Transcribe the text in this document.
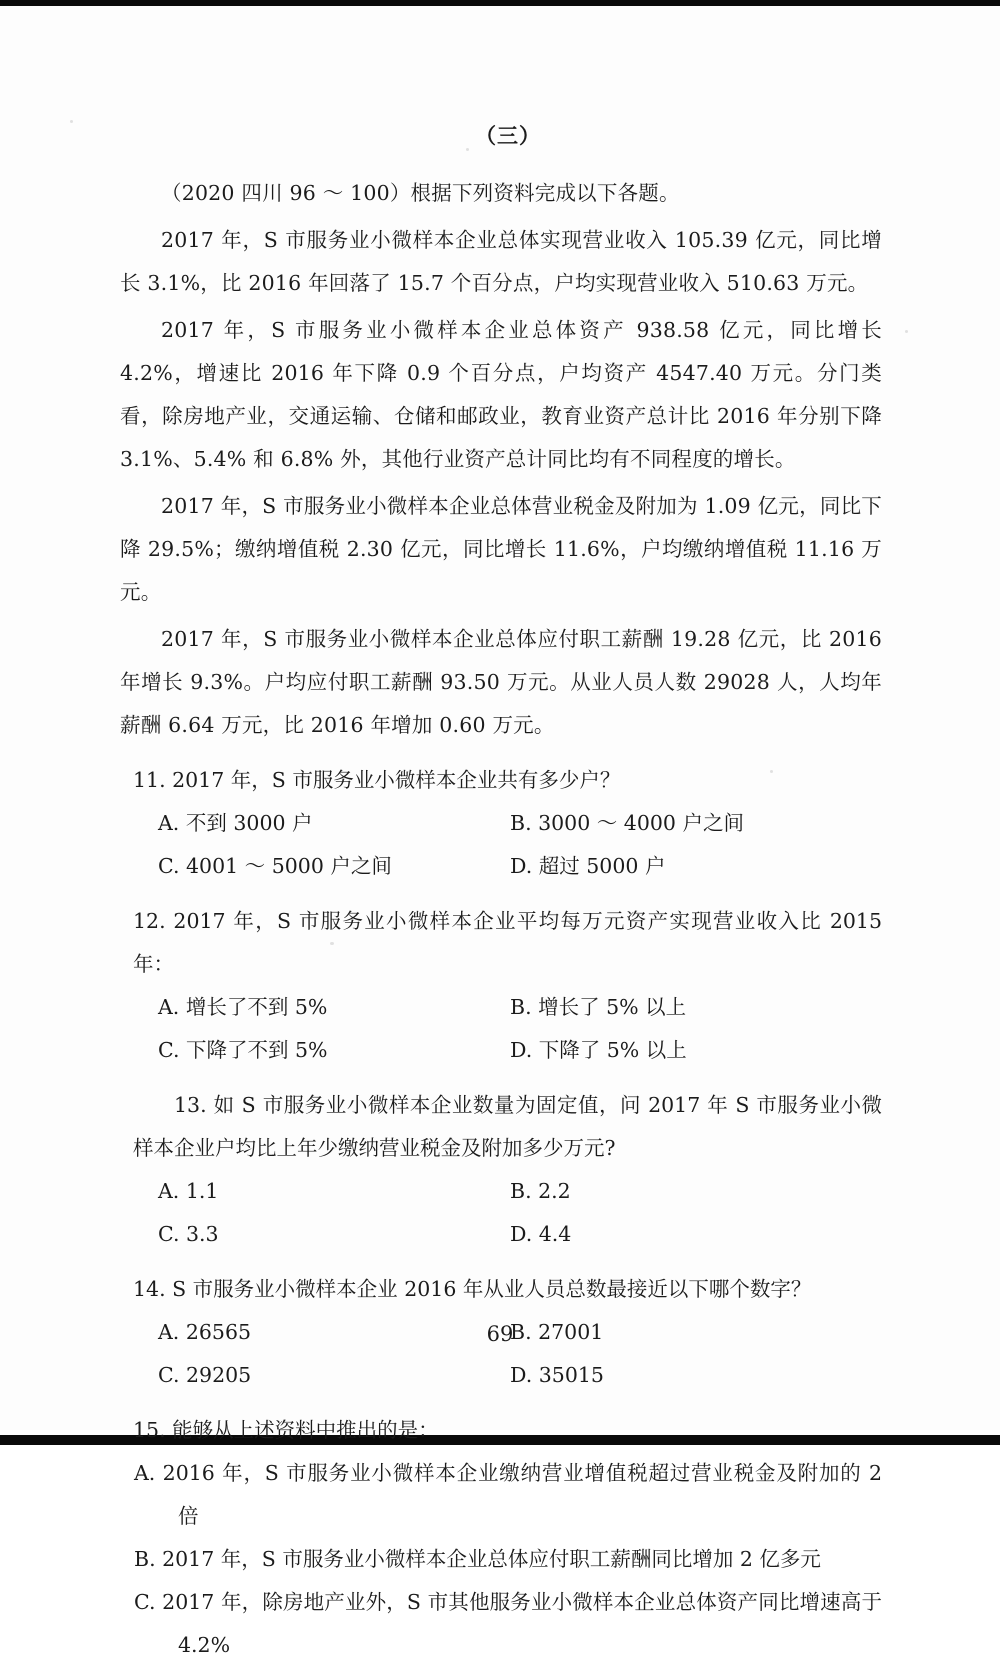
（三）

（2020 四川 96 ～ 100）根据下列资料完成以下各题。

2017 年，S 市服务业小微样本企业总体实现营业收入 105.39 亿元，同比增长 3.1%，比 2016 年回落了 15.7 个百分点，户均实现营业收入 510.63 万元。

2017 年，S 市服务业小微样本企业总体资产 938.58 亿元，同比增长 4.2%，增速比 2016 年下降 0.9 个百分点，户均资产 4547.40 万元。分门类看，除房地产业，交通运输、仓储和邮政业，教育业资产总计比 2016 年分别下降 3.1%、5.4% 和 6.8% 外，其他行业资产总计同比均有不同程度的增长。

2017 年，S 市服务业小微样本企业总体营业税金及附加为 1.09 亿元，同比下降 29.5%；缴纳增值税 2.30 亿元，同比增长 11.6%，户均缴纳增值税 11.16 万元。

2017 年，S 市服务业小微样本企业总体应付职工薪酬 19.28 亿元，比 2016 年增长 9.3%。户均应付职工薪酬 93.50 万元。从业人员人数 29028 人，人均年薪酬 6.64 万元，比 2016 年增加 0.60 万元。

11. 2017 年，S 市服务业小微样本企业共有多少户？

A. 不到 3000 户	B. 3000 ～ 4000 户之间
C. 4001 ～ 5000 户之间	D. 超过 5000 户

12. 2017 年，S 市服务业小微样本企业平均每万元资产实现营业收入比 2015 年：

A. 增长了不到 5%	B. 增长了 5% 以上
C. 下降了不到 5%	D. 下降了 5% 以上

13. 如 S 市服务业小微样本企业数量为固定值，问 2017 年 S 市服务业小微样本企业户均比上年少缴纳营业税金及附加多少万元?

A. 1.1	B. 2.2
C. 3.3	D. 4.4

14. S 市服务业小微样本企业 2016 年从业人员总数最接近以下哪个数字？

A. 26565	B. 27001
C. 29205	D. 35015

15. 能够从上述资料中推出的是：

A. 2016 年，S 市服务业小微样本企业缴纳营业增值税超过营业税金及附加的 2 倍

B. 2017 年，S 市服务业小微样本企业总体应付职工薪酬同比增加 2 亿多元

C. 2017 年，除房地产业外，S 市其他服务业小微样本企业总体资产同比增速高于 4.2%

69
